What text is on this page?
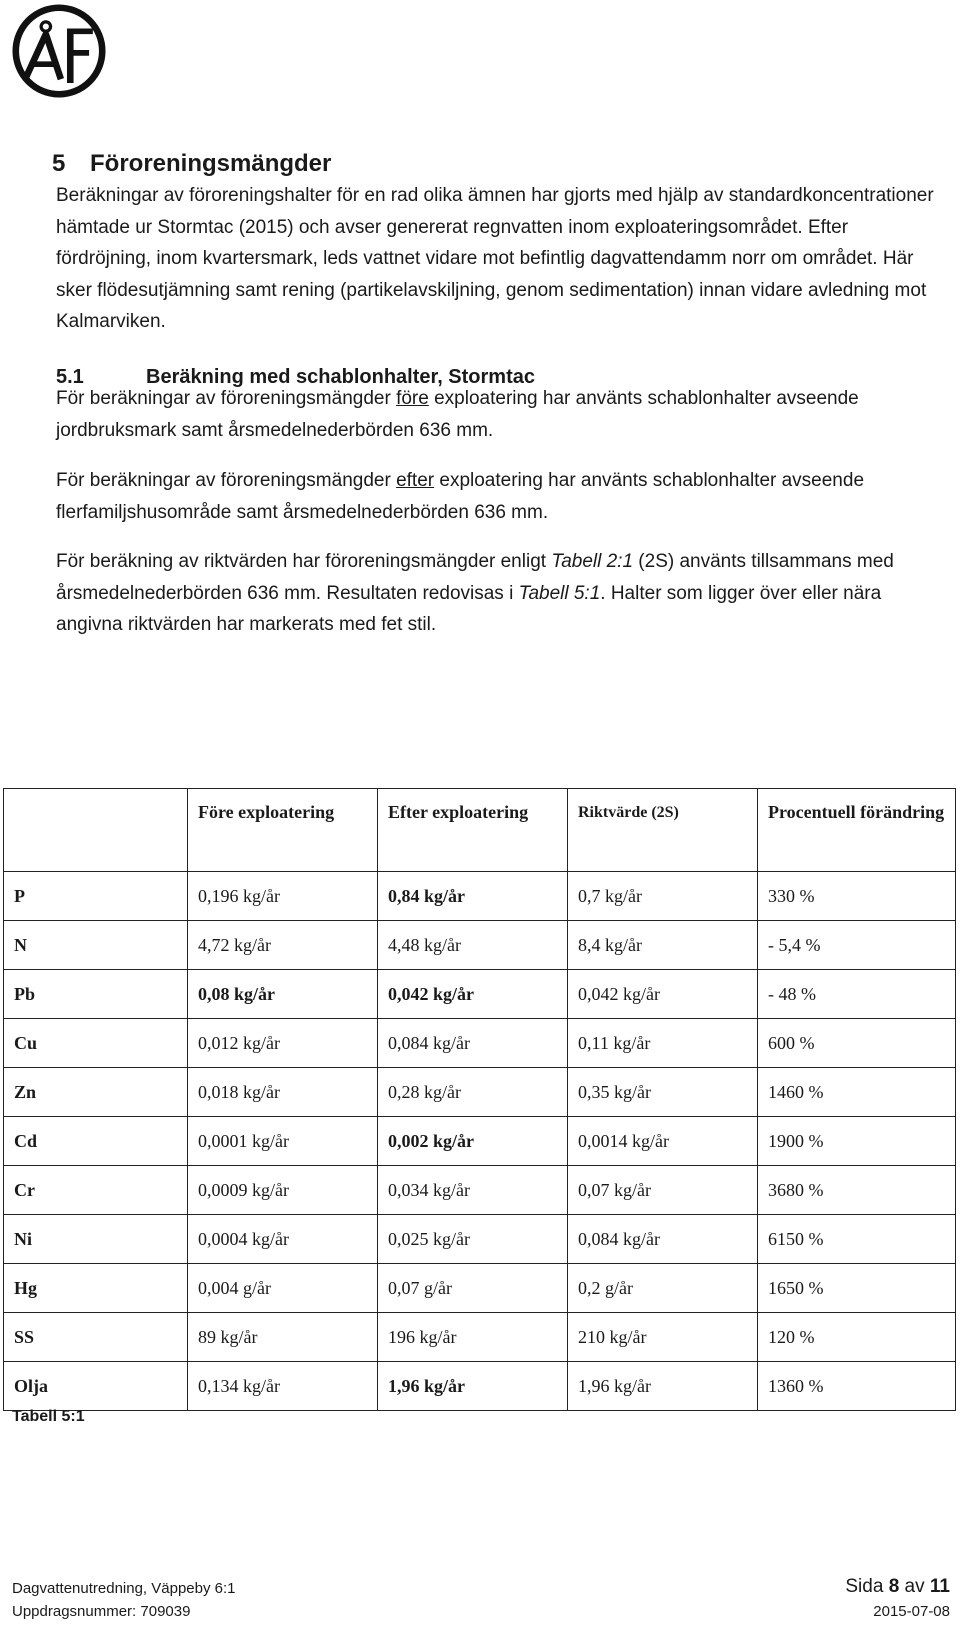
5 Föroreningsmängder

Beräkningar av föroreningshalter för en rad olika ämnen har gjorts med hjälp av standardkoncentrationer hämtade ur Stormtac (2015) och avser genererat regnvatten inom exploateringsområdet. Efter fördröjning, inom kvartersmark, leds vattnet vidare mot befintlig dagvattendamm norr om området. Här sker flödesutjämning samt rening (partikelavskiljning, genom sedimentation) innan vidare avledning mot Kalmarviken.

5.1	Beräkning med schablonhalter, Stormtac

För beräkningar av föroreningsmängder före exploatering har använts schablonhalter avseende jordbruksmark samt årsmedelnederbörden 636 mm.

För beräkningar av föroreningsmängder efter exploatering har använts schablonhalter avseende flerfamiljshusområde samt årsmedelnederbörden 636 mm.

För beräkning av riktvärden har föroreningsmängder enligt Tabell 2:1 (2S) använts tillsammans med årsmedelnederbörden 636 mm. Resultaten redovisas i Tabell 5:1. Halter som ligger över eller nära angivna riktvärden har markerats med fet stil.

	Före exploatering	Efter exploatering	Riktvärde (2S)	Procentuell förändring
P	0,196 kg/år	0,84 kg/år	0,7 kg/år	330 %
N	4,72 kg/år	4,48 kg/år	8,4 kg/år	- 5,4 %
Pb	0,08 kg/år	0,042 kg/år	0,042 kg/år	- 48 %
Cu	0,012 kg/år	0,084 kg/år	0,11 kg/år	600 %
Zn	0,018 kg/år	0,28 kg/år	0,35 kg/år	1460 %
Cd	0,0001 kg/år	0,002 kg/år	0,0014 kg/år	1900 %
Cr	0,0009 kg/år	0,034 kg/år	0,07 kg/år	3680 %
Ni	0,0004 kg/år	0,025 kg/år	0,084 kg/år	6150 %
Hg	0,004 g/år	0,07 g/år	0,2 g/år	1650 %
SS	89 kg/år	196 kg/år	210 kg/år	120 %
Olja	0,134 kg/år	1,96 kg/år	1,96 kg/år	1360 %

Tabell 5:1

Dagvattenutredning, Väppeby 6:1

Uppdragsnummer: 709039

Sida 8 av 11

2015-07-08
